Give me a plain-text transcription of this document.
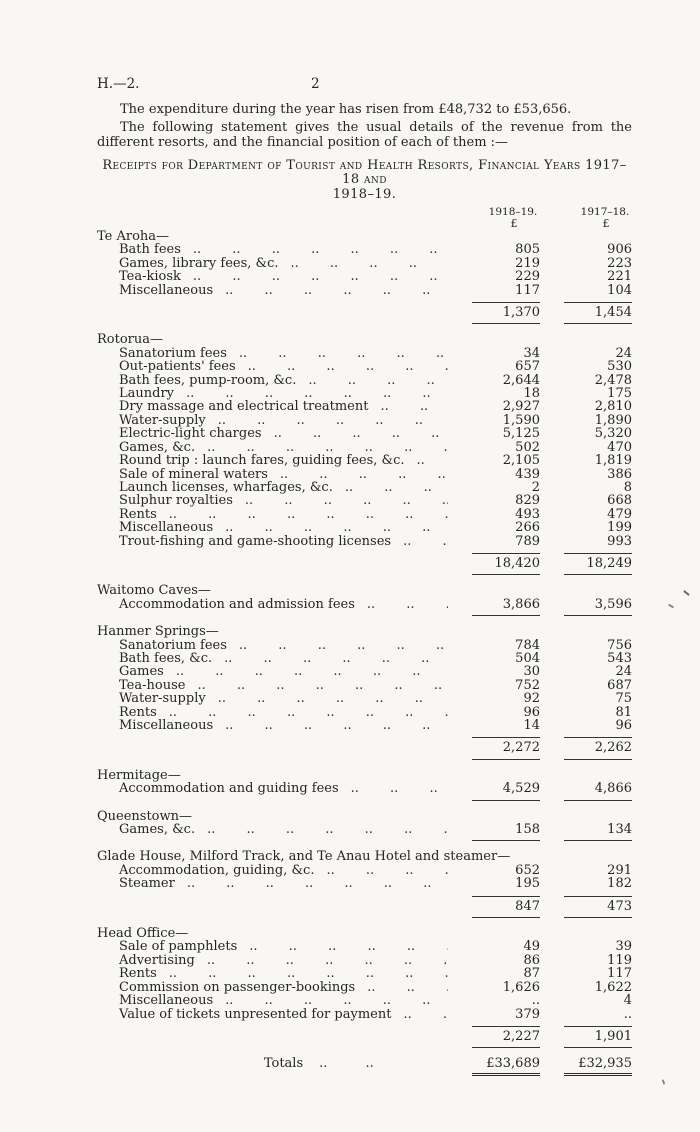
H.—2.	2

The expenditure during the year has risen from £48,732 to £53,656.

The following statement gives the usual details of the revenue from the different resorts, and the financial position of each of them :—

Receipts for Department of Tourist and Health Resorts, Financial Years 1917–18 and
1918–19.
1918–19.	1917–18.
£	£
Te Aroha—
Bath fees .. ..	805	906
Games, library fees, &c. .. ..	219	223
Tea-kiosk .. ..	229	221
Miscellaneous .. ..	117	104
1,370	1,454
Rotorua—
Sanatorium fees .. ..	34	24
Out-patients' fees .. ..	657	530
Bath fees, pump-room, &c. .. ..	2,644	2,478
Laundry .. ..	18	175
Dry massage and electrical treatment .. ..	2,927	2,810
Water-supply .. ..	1,590	1,890
Electric-light charges .. ..	5,125	5,320
Games, &c. .. ..	502	470
Round trip : launch fares, guiding fees, &c. .. ..	2,105	1,819
Sale of mineral waters .. ..	439	386
Launch licenses, wharfages, &c. .. ..	2	8
Sulphur royalties .. ..	829	668
Rents .. ..	493	479
Miscellaneous .. ..	266	199
Trout-fishing and game-shooting licenses .. ..	789	993
18,420	18,249
Waitomo Caves—
Accommodation and admission fees .. ..	3,866	3,596
Hanmer Springs—
Sanatorium fees .. ..	784	756
Bath fees, &c. .. ..	504	543
Games .. ..	30	24
Tea-house .. ..	752	687
Water-supply .. ..	92	75
Rents .. ..	96	81
Miscellaneous .. ..	14	96
2,272	2,262
Hermitage—
Accommodation and guiding fees .. ..	4,529	4,866
Queenstown—
Games, &c. .. ..	158	134
Glade House, Milford Track, and Te Anau Hotel and steamer—
Accommodation, guiding, &c. .. ..	652	291
Steamer .. ..	195	182
847	473
Head Office—
Sale of pamphlets .. ..	49	39
Advertising .. ..	86	119
Rents .. ..	87	117
Commission on passenger-bookings .. ..	1,626	1,622
Miscellaneous .. ..	..	4
Value of tickets unpresented for payment .. ..	379	..
2,227	1,901
Totals .. ..	£33,689	£32,935
